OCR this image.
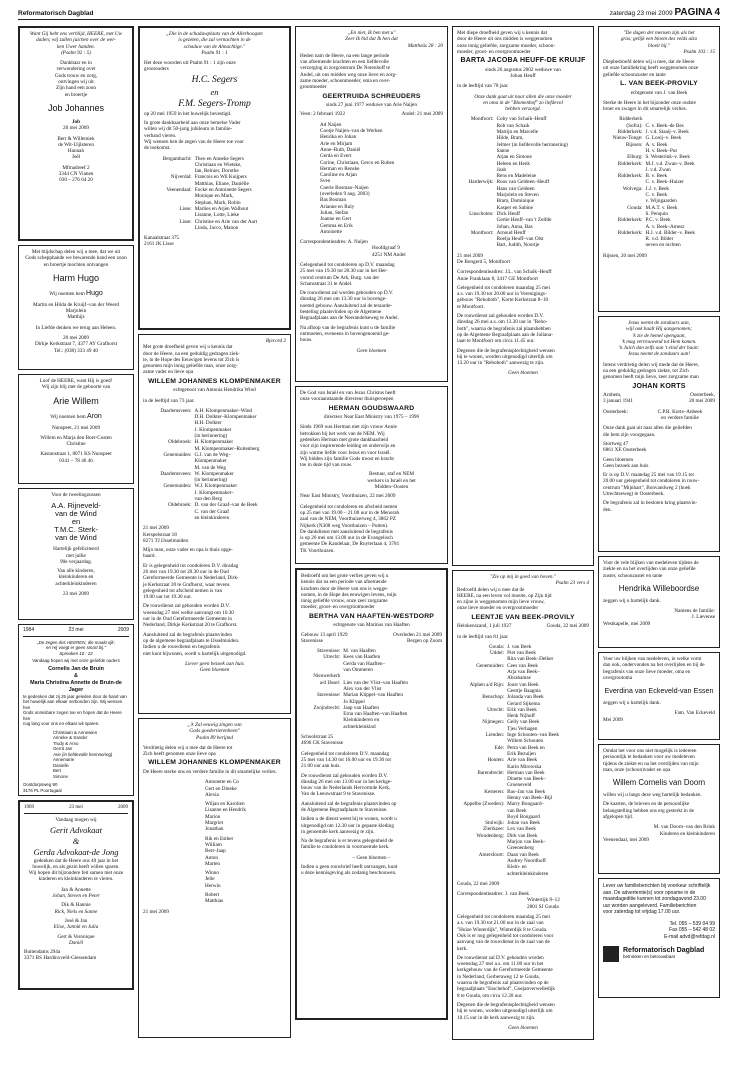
Reformatorisch Dagblad	zaterdag 23 mei 2009 PAGINA 4
Want Gij hebt ons verblijd, HEERE, met Uw daden; wij zullen juichen over de wer-
ken Uwer handen.
(Psalm 92 : 5)
Dankbaar en in
verwondering over
Gods trouw en zorg,
ontvingen wij uit
Zijn hand een zoon
en broertje
Job Johannes
Job
20 mei 2009
Bert & Willemiek
de Wit-Uijlsteren
Hannah
Joël
Mfmadreef 2
3344 CN Vianen
030 – 276 64 20
Met blijdschap delen wij u mee, dat we uit
Gods schepphande we bewarende hand een zoon
en broertje mochten ontvangen
Harm Hugo
Wij noemen hem Hugo
Martin en Hilda de Kruijf–van der Weerd
Marjolein
Matthijs
In Liefde denken we terug aan Heleen.
20 mei 2009
Dirkje Kerkstraat 7, 4377 AY Grafhorst
Tel.: (038) 333 49 40
Loof de HEERE, want Hij is goed!
Wij zijn blij met de geboorte van
Arie Willem
Wij noemen hem Aron
Nunspeet, 21 mei 2009
Willem en Marja den Boer-Costen
Christine
Kastanstraat 1, 8071 KS Nunspeet
0341 – 78 46 46
Voor de tweelingzussen
A.A. Rijneveld-
van de Wind
en
T.M.C. Sterk-
van de Wind
Hartelijk gefeliciteerd
met jullie
90e verjaardag.
Van alle kinderen,
kleinkinderen en
achterkleinkinderen
23 mei 2009
1984	23 mei	2009
„De zegen des HEEREN, die maakt rijk;
en Hij voegt er geen smart bij."
Spreuken 10 : 22
Vandaag hopen wij met onze geliefde ouders
Cornelis Jan de Bruin
&
Maria Christina Annette de Bruin-de Jager
te gedenken dat zij 25 jaar geleden door de band van
het huwelijk aan elkaar verbonden zijn. Wij wensen hen
Gods onmisbare zegen toe en hopen dat de Heere hen
nog lang voor ons en elkaar wil sparen.
Christiaan & Annewien
Anneke & Sander
Trudy & Arno
Gerrit Jan
Arie (in liefdevolle herinnering)
Annemarie
Danielle
Bert
Simone
Oostdorpsweg 90
3176 PL Poortugaal
1969	23 mei	2009
Vandaag mogen wij
Gerit Advokaat
&
Gerda Advokaat-de Jong
gedenken dat de Heere ons 40 jaar in het
huwelijk, en als gezin heeft willen sparen.
Wij hopen dit bijzondere feit samen met onze
kinderen en kleinkinderen te vieren.
Jan & Annette
Johan, Steven en Peter
Dik & Hannie
Rick, Niels en Sanne
José & Jan
Elise, Jannik en Julia
Gert & Veronique
Daniël
Buitendams 294a
3371 BS Hardinxveld-Giessendam
„Die in de schaduwplaats van de Allerhoogste
is gezeten, die zal vernachten in de
schaduw van de Almachtige."
Psalm 91 : 1
Het deze woorden uit Psalm 91 : 1 zijn onze
grootouders
H.C. Segers
en
F.M. Segers-Tromp
op 20 mei 1959 in het huwelijk bevestigd.
In grote dankbaarheid aan onze hemelse Vader
willen wij dit 50-jarig jubileum in familie-
verband vieren.
Wij wensen hen de zegen van de Heere toe voor
de toekomst.
Bergambacht: Theo en Anneke Segers
Christiaan en Wietske,
Ian, Reinier, Dorothe
Nijverdal: Francois en Wil Kuijpers
Matthias, Eliane, Daniëlle
Veenendaal: Focke en Antoinette Segers
Monique en Mark,
Stephan, Mark, Robin
Lisse: Marlies en Arjen Walhout
Lisanne, Lotte, Lieke
Lisse: Christine en Arie van der Aart
Linda, Jacco, Manon
Kanaalstraat 375
2161 JK Lisse
Bjecord 2
Met grote droefheid geven wij u kennis dat
door de Heere, na een geduldig gedragen ziek-
te, in de Hope des Eeuwigen levens tot Zich is
genomen mijn innig geliefde man, onze zorg-
zame vader en lieve opa
WILLEM JOHANNES KLOMPENMAKER
echtgenoot van Antonia Hendrika Wind
in de leeftijd van 73 jaar.
Daarlemsveen: A.H. Klompenmaker–Wind
D.H. Dolkter–Klompenmaker
H.H. Dolkter
J. Klompenmaker
(in herinnering)
Oldebroek: H. Klompenmaker
M. Klompenmaker–Ruitenberg
Genemuiden: G.J. van de Weg–
Klompenmaker
M. van de Weg
Daarlemsveen: W. Klompenmaker
(in herinnering)
Genemuiden: W.J. Klompenmaker
J. Klompenmaker–
van den Berg
Oldebroek: D. van der Graaf–van de Beek
C. van der Graaf
en kleinkinderen
21 mei 2009
Kerspelstraat 18
8271 TJ IJsselmuiden
Mijn man, onze vader en opa is thuis opge-
baard.
Er is gelegenheid tot condoleren D.V. dinsdag
26 mei van 19.30 tot 20.30 uur in de Oud
Gereformeerde Gemeente in Nederland, Dirk-
je Kerkstraat 20 te Grafhorst, waar tevens
gelegenheid tot afscheid nemen is van
19.00 uur tot 19.30 uur.
De rouwdienst zal gehouden worden D.V.
woensdag 27 mei welke aanvangt om 10.30
uur in de Oud Gereformeerde Gemeente in
Nederland, Dirkje Kerkstraat 20 te Grafhorst.
Aansluitend zal de begrafenis plaatsvinden
op de algemene begraafplaats te IJsselmuiden.
Indien u de rouwdienst en begrafenis
niet kunt bijwonen, wordt u hartelijk uitgenodigd.
Liever geen bezoek aan huis
Geen bloemen
„'k Zal eeuwig zingen van
Gods goedertierenheen"
Psalm 89 berijmd
Verdrietig delen wij u mee dat de Heere tot
Zich heeft genomen onze lieve opa
WILLEM JOHANNES KLOMPENMAKER
De Heere sterke ons en verdere familie in dit smartelijke verlies.
Antonette en Co
Gert en Dineke
Alexia
Wiljan en Karolien
Lisanne en Hendrik
Marion
Margriet
Jonathan
Rik en Esther
William
Bert–Jaap
Anton
Marten
Winno
Jelle
Herwin
Robert
Matthias
21 mei 2009
„En niet, Ik ben met u"
Zeer Ik bid dat Ik hen dat
Mattheüs 28 : 20
Heden nam de Heere, na een lange periode
van afnemende krachten en een liefdevolle
verzorging in zorgcentrum De Notenhoff te
Andel, uit ons midden weg onze lieve en zorg-
zame moeder, schoonmoeder, oma en over-
grootmoeder
GEERTRUIDA SCHREUDERS
sinds 27 juni 1977 weduwe van Arie Naijen
Veen: 2 februari 1922	Andel: 21 mei 2009
Ad Naijen
Cootje Naijen–van de Werken
Henrika en Johan
Arie en Mirjam
Anne–Ruth, Daniël
Gerda en Evert
Corine, Christiaan, Gerco en Ruben
Herman en Renske
Caroline en Arjan
Sven
Coerie Bosman–Naijen
(overleden 9 aug. 2003)
Bas Bosman
Arianne en Ruly
Julian, Stefan
Joanne en Gert
Gemma en Erik
Antoinette
Correspondentieadres: A. Naijen
Hoofdgraaf 9
4251 NM Andel
Gelegenheid tot condoleren op D.V. maandag
25 mei van 19.30 tot 20.30 uur in het Her-
vormd centrum De Ark, Burg. van der
Schansstraat 31 te Andel.
De rouwdienst zal worden gehouden op D.V.
dinsdag 26 mei om 13.30 uur in bovenge-
noemd gebouw. Aansluitend zal de teraarde-
besteling plaatsvinden op de Algemene
Begraafplaats aan de Neerandelseweg te Andel.
Na afloop van de begrafenis kunt u de familie
ontmoeten, eveneens in bovengenoemd ge-
bouw.
Geen bloemen
De God van Israël en van Jezus Christus heeft
onze vooraanstaande directeur thuisgeroepen
HERMAN GOUDSWAARD
directeur Near East Ministry van 1975 – 1996
Sinds 1969 was Herman met zijn vrouw Annie
betrokken bij het werk van de NEM. Wij
gedenken Herman met grote dankbaarheid
voor zijn inspirerende leiding en onderwijs en
zijn warme liefde voor Jezus en voor Israël.
Wij bidden zijn familie Gods troost en kracht
toe in deze tijd van rouw.
Bestuur, staf en NEM
werkers in Israël en het
Midden–Oosten
Near East Ministry, Voorthuizen, 22 mei 2009
Gelegenheid tot condoleren en afscheid nemen
op 25 mei van 19.00 – 21.00 uur in de Menorah
zaal van de NEM, Voorthuizerweg 4, 3862 PZ
Nijkerk (N308 weg Voorthuizen – Putten).
De dankdienst met aansluitend de begrafenis
is op 26 mei om 13.00 uur in de Evangelisch
gemeente De Kandelaar, De Ruyterlaan 4, 3781
TK Voorthuizen.
Bedroefd om het grote verlies geven wij u
kennis dat na een periode van afnemende
krachten door de Heere van ons is wegge-
nomen, in de Hope des eeuwigen levens, mijn
innig geliefde vrouw, onze zeer zorgzame
moeder, groot- en overgrootmoeder
BERTHA VAN HAAFTEN-WESTDORP
echtgenote van Marinus van Haaften
Gebouw 13 april 1929	Overleden 21 mei 2009
Stavenisse	Bergen op Zoom
Stavenisse: M. van Haaften
Utrecht: Kees van Haaften
Gerda van Haaften–
van Ommeren
Nieuwerkerk
a/d IJssel: Lies van der Vlist–van Haaften
Alex van der Vlist
Stavenisse: Marian Klippel–van Haaften
Jo Klippel
Zwijndrecht: Jaap van Haaften
Erna van Haaften–van Haaften
Kleinkinderen en
achterkleinkind
Schoolstraat 25
4696 CK Stavenisse
Gelegenheid tot condoleren D.V. maandag
25 mei van 14.30 tot 16.00 uur en 19.30 tot
21.00 uur aan huis.
De rouwdienst zal gehouden worden D.V.
dinsdag 26 mei om 13.00 uur in het kerkge-
bouw van de Nederlands Hervormde Kerk,
Van de Leeuwstraat 9 te Stavenisse.
Aansluitend zal de begrafenis plaatsvinden op
de Algemene Begraafplaats te Stavenisse.
Indien u de dienst weest bij te wonen, wordt u
uitgenodigd om 12.30 uur in gepaste kleding
in genoemde kerk aanwezig te zijn.
Na de begrafenis is er tevens gelegenheid de
familie te condoleren in voornoemde kerk.
– Geen bloemen –
Indien u geen rouwbrief heeft ontvangen, kunt
u deze kennisgeving als zodanig beschouwen.
Met diepe droefheid geven wij u kennis dat
door de Heere uit ons midden is weggenomen
onze innig geliefde, zorgzame moeder, schoon-
moeder, groot- en overgrootmoeder
BARTA JACOBA HEUFF-DE KRUIJF
sinds 26 augustus 2002 weduwe van
Johan Heuff
in de leeftijd van 78 jaar.
Onze dank gaat uit naar allen die onze moeder
en oma in de "Blomenhof" zo liefdevol
hebben verzorgd.
Montfoort: Coby van Schaik–Heuff
Rob van Schaik
Martijn en Marcelle
Hilde, Bram,
Jelmer (in liefdevolle herinnering)
Sanne
Arjan en Simone
Heleen en Henk
Joab
Rens en Madeleine
Harderwijk: Roos van Geldeen–Heuff
Hans van Geldeen
Marjolein en Steven
Bram, Dominique
Kasper en Sabine
Linschoten: Dick Heuff
Gertie Heuff–van 't Zelfde
Johan, Anna, Bas
Montfoort: Arnoud Heuff
Roelja Heuff–van Olst
Bart, Judith, Noortje
21 mei 2009
De Bongerd 5, Montfoort
Correspondentieadres: J.L. van Schaik–Heuff
Anne Franklaan 8, 3417 GE Montfoort
Gelegenheid tot condoleren maandag 25 mei
a.s. van 19.30 tot 20.00 uur in Verenigings-
gebouw "Rehoboth", Korte Kerkstraat 8–10
te Montfoort.
De rouwdienst zal gehouden worden D.V.
dinsdag 26 mei a.s. om 13.30 uur in "Reho-
both", waarna de begrafenis zal plaatshebben
op de Algemene Begraafplaats aan de Juliana-
laan te Montfoort om circa 11.45 uur.
Degenen die de begrafenisplechtigheid wensen
bij te wonen, worden uitgenodigd uiterlijk om
13.20 uur in "Rehoboth" aanwezig te zijn.
Geen bloemen
"Zie op mij in goed van boven."
Psalm 23 vers 4
Bedroefd delen wij u mee dat de
HEERE, na een leven vol moeite, op Zijn tijd
en zijne is weggenomen mijn lieve vrouw,
onze lieve moeder en overgrootmoeder
LEENTJE VAN BEEK-PROVILY
Heinkenszand, 1 juli 1927	Gouda, 22 mei 2009
in de leeftijd van 81 jaar.
Gouda: J. van Beek
Uddel: Piet van Beek
Rita van Beek–Delker
Genemuiden: Cees van Beek
Arja van Beek–
Abrahamse
Alphen a/d Rijn: Joost van Beek
Geertje Baagma
Benschop: Jolanda van Beek
Gerard Sijkema
Utrecht: Erik van Beek
Henk Nijhoff
Nijmegen: Gelly van Beek
Tjeu Verhagen
Lienden: Inge Schouten–van Beek
Willem Schouten
Ede: Petra van Beek en
Erik Bezuijen
Houten: Arie van Beek
Karin Mirowska
Barendrecht: Herman van Beek
Dinette van Beek–
Groeneveld
Kesteren: Bas–Jan van Beek
Henny van Beek–Bijl
Appelbo (Zweden): Marry Bongaard–
van Beek
Boyd Bongaard
Stolwijk: Johan van Beek
Zierikzee: Lex van Beek
Woudenberg: Dirk van Beek
Marjon van Beek–
Greenenberg
Amersfoort: Daan van Beek
Audrey Noordhoff
Klein- en
achterkleinkinderen
Gouda, 22 mei 2009
Correspondentieadres: J. van Beek
Wintertijk 8–12
2801 SJ Gouda
Gelegenheid tot condoleren maandag 25 mei
a.s. van 19.30 tot 21.00 uur in de zaal van
"Huize Winterdijk", Winterdijk 8 te Gouda.
Ook is er nog gelegenheid tot condoleren voor
aanvang van de rouwdienst in de zaal van de
kerk.
De rouwdienst zal D.V. gehouden worden
woensdag 27 mei a.s. om 11.00 uur in het
kerkgebouw van de Gereformeerde Gemeente
in Nederland, Gerberaweg 12 te Gouda,
waarna de begrafenis zal plaatsvinden op de
begraafplaats "Esschehof", Goejanverwelledijk
8 te Gouda, om circa 12.30 uur.
Degenen die de begrafenisplechtigheid wensen
bij te wonen, worden uitgenodigd uiterlijk om
10.15 uur in de kerk aanwezig te zijn.
Geen bloemen
"De dagen der mensen zijn als het
gras; gelijk een bloem des velds alzo
bloeit hij."
Psalm 103 : 15
Diepbedroefd delen wij u mee, dat de Heere
uit onze familiekring heeft weggenomen onze
geliefde schoonzuster en tante
L. VAN BEEK-PROVILY
echtgenote van J. van Beek
Sterke de Heere in het bijzonder onze oudste
broer en zwager in dit smartelijk verlies.
Ridderkerk
(Sofra): C. v. Beek–de Bes
Ridderkerk: J. v.d. Staaij–v. Beek
Nieuw-Tonge: G. Looij–v. Beek
Rijssen: A. v. Beek
H. v. Beek–Put
Elburg: S. Westerink–v. Beek
Ridderkerk: M.J. v.d. Zwan–v. Beek
J. v.d. Zwan
Ridderkerk: B. v. Beek
C. v. Beek–Huizer
Wolvega: J.J. v. Beek
C. v. Beek
v. Wijngaarden
Gouda: M.A.T. v. Beek
S. Penquin
Ridderkerk: P.C. v. Beek
A. v. Beek–Amesz
Ridderkerk: H.J. v.d. Bilder–v. Beek
R. v.d. Bilder
neven en nichten
Rijssen, 20 mei 2009
Jezus neemt de zondaars aan,
wijl ook haalt Hij aangenomen;
'k zie de hemel opengaan,
'k mag vertrouwend tot Hem komen.
'k Juich dan zelfs aan 't eind der baan:
Jezus neemt de zondaars aan!
Intens verdrietig delen wij mede dat de Heere,
na een geduldig gedragen ziekte, tot Zich
genomen heeft mijn lieve, zeer zorgzame man
JOHAN KORTS
Arnhem,	Oosterbeek,
3 januari 1941	20 mei 2009
Oosterbeek:	C.P.R. Korts–Anbeek
en verdere familie
Onze dank gaat uit naar allen die geliefden
die hem zijn voorgegaan.
Stortweg 47
6861 XE Oosterbeek
Geen bloemen
Geen bezoek aan huis
Er is op D.V. maandag 25 mei van 19.15 tot
20.00 uur gelegenheid tot condoleren in rouw-
centrum "Mijnhart", Bonvandweg 2 (hoek
Utrechtseweg) te Oosterbeek.
De begrafenis zal in besloten kring plaatsvin-
den.
Voor de vele blijken van medeleven tijdens de
ziekte en na het overlijden van onze geliefde
zuster, schoonzuster en tante
Hendrika Willeboordse
zeggen wij u hartelijk dank.
Namens de familie:
J. Lievense
Westkapelle, mei 2009
Voor uw blijken van medeleven, in welke vorm
dan ook, ondervonden na het overlijden en bij de
begrafenis van onze lieve moeder, oma en
overgrootoma
Everdina van Eckeveld-van Essen
zeggen wij u hartelijk dank.
Fam. Van Eckeveld
Mei 2009
Omdat het voor ons niet mogelijk is iedereen
persoonlijk te bedanken voor uw medeleven
tijdens de ziekte en na het overlijden van mijn
man, onze (schoon)vader en opa
Willem Cornelis van Doorn
willen wij u langs deze weg hartelijk bedanken.
De kaarten, de brieven en de persoonlijke
belangstelling hebben ons erg gesterkt in de
afgelopen tijd.
M. van Doorn–van den Brink
Kinderen en kleinkinderen
Veenendaal, mei 2009
Lever uw familieberichten bij voorkeur schriftelijk
aan. De advertentie(s) voor opname in de
maandageditie kunnen tot zondagavond 23.00
uur worden aangeleverd. Familieberichten
voor zaterdag tot vrijdag 17.00 uur.
Tel. 055 – 539 04 99
Fax 055 – 542 48 02
E-mail advd@refdag.nl
Reformatorisch Dagblad
betrokken en betrouwbaar
